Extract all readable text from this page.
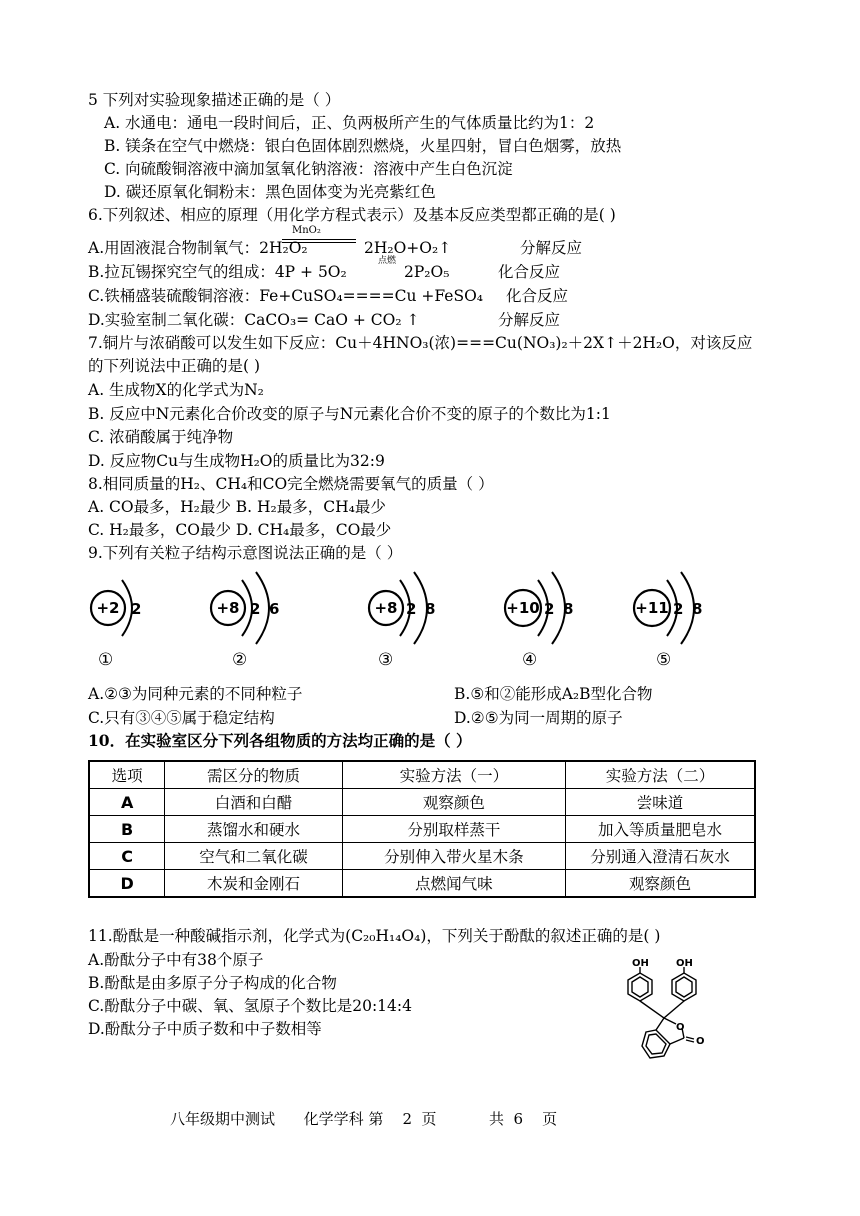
5 下列对实验现象描述正确的是（ ）
A. 水通电：通电一段时间后，正、负两极所产生的气体质量比约为1：2
B. 镁条在空气中燃烧：银白色固体剧烈燃烧，火星四射，冒白色烟雾，放热
C. 向硫酸铜溶液中滴加氢氧化钠溶液：溶液中产生白色沉淀
D. 碳还原氧化铜粉末：黑色固体变为光亮紫红色
6.下列叙述、相应的原理（用化学方程式表示）及基本反应类型都正确的是( )
A.用固液混合物制氧气：2H₂O₂
MnO₂
2H₂O+O₂↑	分解反应
B.拉瓦锡探究空气的组成：4P + 5O₂
点燃
2P₂O₅	化合反应
C.铁桶盛装硫酸铜溶液：Fe+CuSO₄====Cu +FeSO₄ 化合反应
D.实验室制二氧化碳：CaCO₃= CaO + CO₂ ↑	分解反应
7.铜片与浓硝酸可以发生如下反应：Cu＋4HNO₃(浓)===Cu(NO₃)₂＋2X↑＋2H₂O，对该反应
的下列说法中正确的是( )
A. 生成物X的化学式为N₂
B. 反应中N元素化合价改变的原子与N元素化合价不变的原子的个数比为1:1
C. 浓硝酸属于纯净物
D. 反应物Cu与生成物H₂O的质量比为32:9
8.相同质量的H₂、CH₄和CO完全燃烧需要氧气的质量（ ）
A. CO最多，H₂最少 B. H₂最多，CH₄最少
C. H₂最多，CO最少 D. CH₄最多，CO最少
9.下列有关粒子结构示意图说法正确的是（ ）
+2 2	+8 2 6	+8 2 8	+10 2 8	+11 2 8
①	②	③	④	⑤
A.②③为同种元素的不同种粒子	B.⑤和②能形成A₂B型化合物
C.只有③④⑤属于稳定结构	D.②⑤为同一周期的原子
10．在实验室区分下列各组物质的方法均正确的是（ ）
选项	需区分的物质	实验方法（一）	实验方法（二）
A	白酒和白醋	观察颜色	尝味道
B	蒸馏水和硬水	分别取样蒸干	加入等质量肥皂水
C	空气和二氧化碳	分别伸入带火星木条	分别通入澄清石灰水
D	木炭和金刚石	点燃闻气味	观察颜色
11.酚酞是一种酸碱指示剂，化学式为(C₂₀H₁₄O₄)，下列关于酚酞的叙述正确的是( )
A.酚酞分子中有38个原子
B.酚酞是由多原子分子构成的化合物
C.酚酞分子中碳、氧、氢原子个数比是20:14:4
D.酚酞分子中质子数和中子数相等
OH	OH
O
O
八年级期中测试      化学学科 第    2  页           共  6    页
